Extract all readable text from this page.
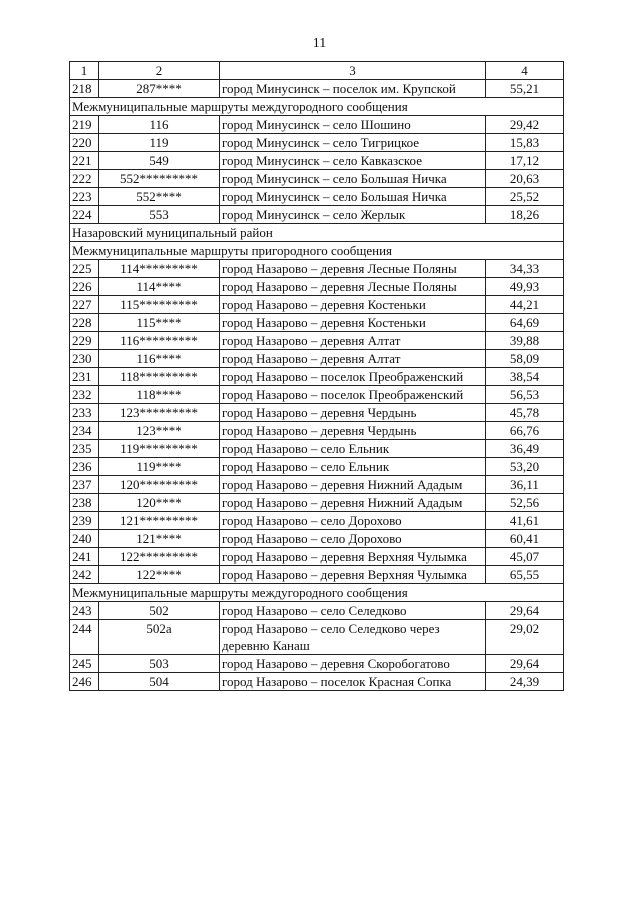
11
1	2	3	4
218	287****	город Минусинск – поселок им. Крупской	55,21
Межмуниципальные маршруты междугородного сообщения			
219	116	город Минусинск – село Шошино	29,42
220	119	город Минусинск – село Тигрицкое	15,83
221	549	город Минусинск – село Кавказское	17,12
222	552*********	город Минусинск – село Большая Ничка	20,63
223	552****	город Минусинск – село Большая Ничка	25,52
224	553	город Минусинск – село Жерлык	18,26
Назаровский муниципальный район			
Межмуниципальные маршруты пригородного сообщения			
225	114*********	город Назарово – деревня Лесные Поляны	34,33
226	114****	город Назарово – деревня Лесные Поляны	49,93
227	115*********	город Назарово – деревня Костеньки	44,21
228	115****	город Назарово – деревня Костеньки	64,69
229	116*********	город Назарово – деревня Алтат	39,88
230	116****	город Назарово – деревня Алтат	58,09
231	118*********	город Назарово – поселок Преображенский	38,54
232	118****	город Назарово – поселок Преображенский	56,53
233	123*********	город Назарово – деревня Чердынь	45,78
234	123****	город Назарово – деревня Чердынь	66,76
235	119*********	город Назарово – село Ельник	36,49
236	119****	город Назарово – село Ельник	53,20
237	120*********	город Назарово – деревня Нижний Ададым	36,11
238	120****	город Назарово – деревня Нижний Ададым	52,56
239	121*********	город Назарово – село Дорохово	41,61
240	121****	город Назарово – село Дорохово	60,41
241	122*********	город Назарово – деревня Верхняя Чулымка	45,07
242	122****	город Назарово – деревня Верхняя Чулымка	65,55
Межмуниципальные маршруты междугородного сообщения			
243	502	город Назарово – село Селедково	29,64
244	502а	город Назарово – село Селедково через деревню Канаш	29,02
245	503	город Назарово – деревня Скоробогатово	29,64
246	504	город Назарово – поселок Красная Сопка	24,39
